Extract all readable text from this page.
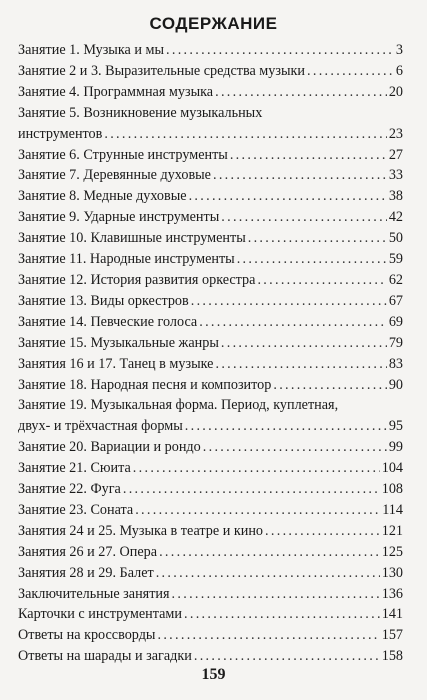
СОДЕРЖАНИЕ
Занятие 1. Музыка и мы .....	3
Занятие 2 и 3. Выразительные средства музыки .....	6
Занятие 4. Программная музыка .....	20
Занятие 5. Возникновение музыкальных
инструментов .....	23
Занятие 6. Струнные инструменты .....	27
Занятие 7. Деревянные духовые .....	33
Занятие 8. Медные духовые .....	38
Занятие 9. Ударные инструменты .....	42
Занятие 10. Клавишные инструменты .....	50
Занятие 11. Народные инструменты .....	59
Занятие 12. История развития оркестра .....	62
Занятие 13. Виды оркестров .....	67
Занятие 14. Певческие голоса .....	69
Занятие 15. Музыкальные жанры .....	79
Занятия 16 и 17. Танец в музыке .....	83
Занятие 18. Народная песня и композитор .....	90
Занятие 19. Музыкальная форма. Период, куплетная,
двух- и трёхчастная формы .....	95
Занятие 20. Вариации и рондо .....	99
Занятие 21. Сюита .....	104
Занятие 22. Фуга .....	108
Занятие 23. Соната .....	114
Занятия 24 и 25. Музыка в театре и кино .....	121
Занятия 26 и 27. Опера .....	125
Занятия 28 и 29. Балет .....	130
Заключительные занятия .....	136
Карточки с инструментами .....	141
Ответы на кроссворды .....	157
Ответы на шарады и загадки .....	158
159
